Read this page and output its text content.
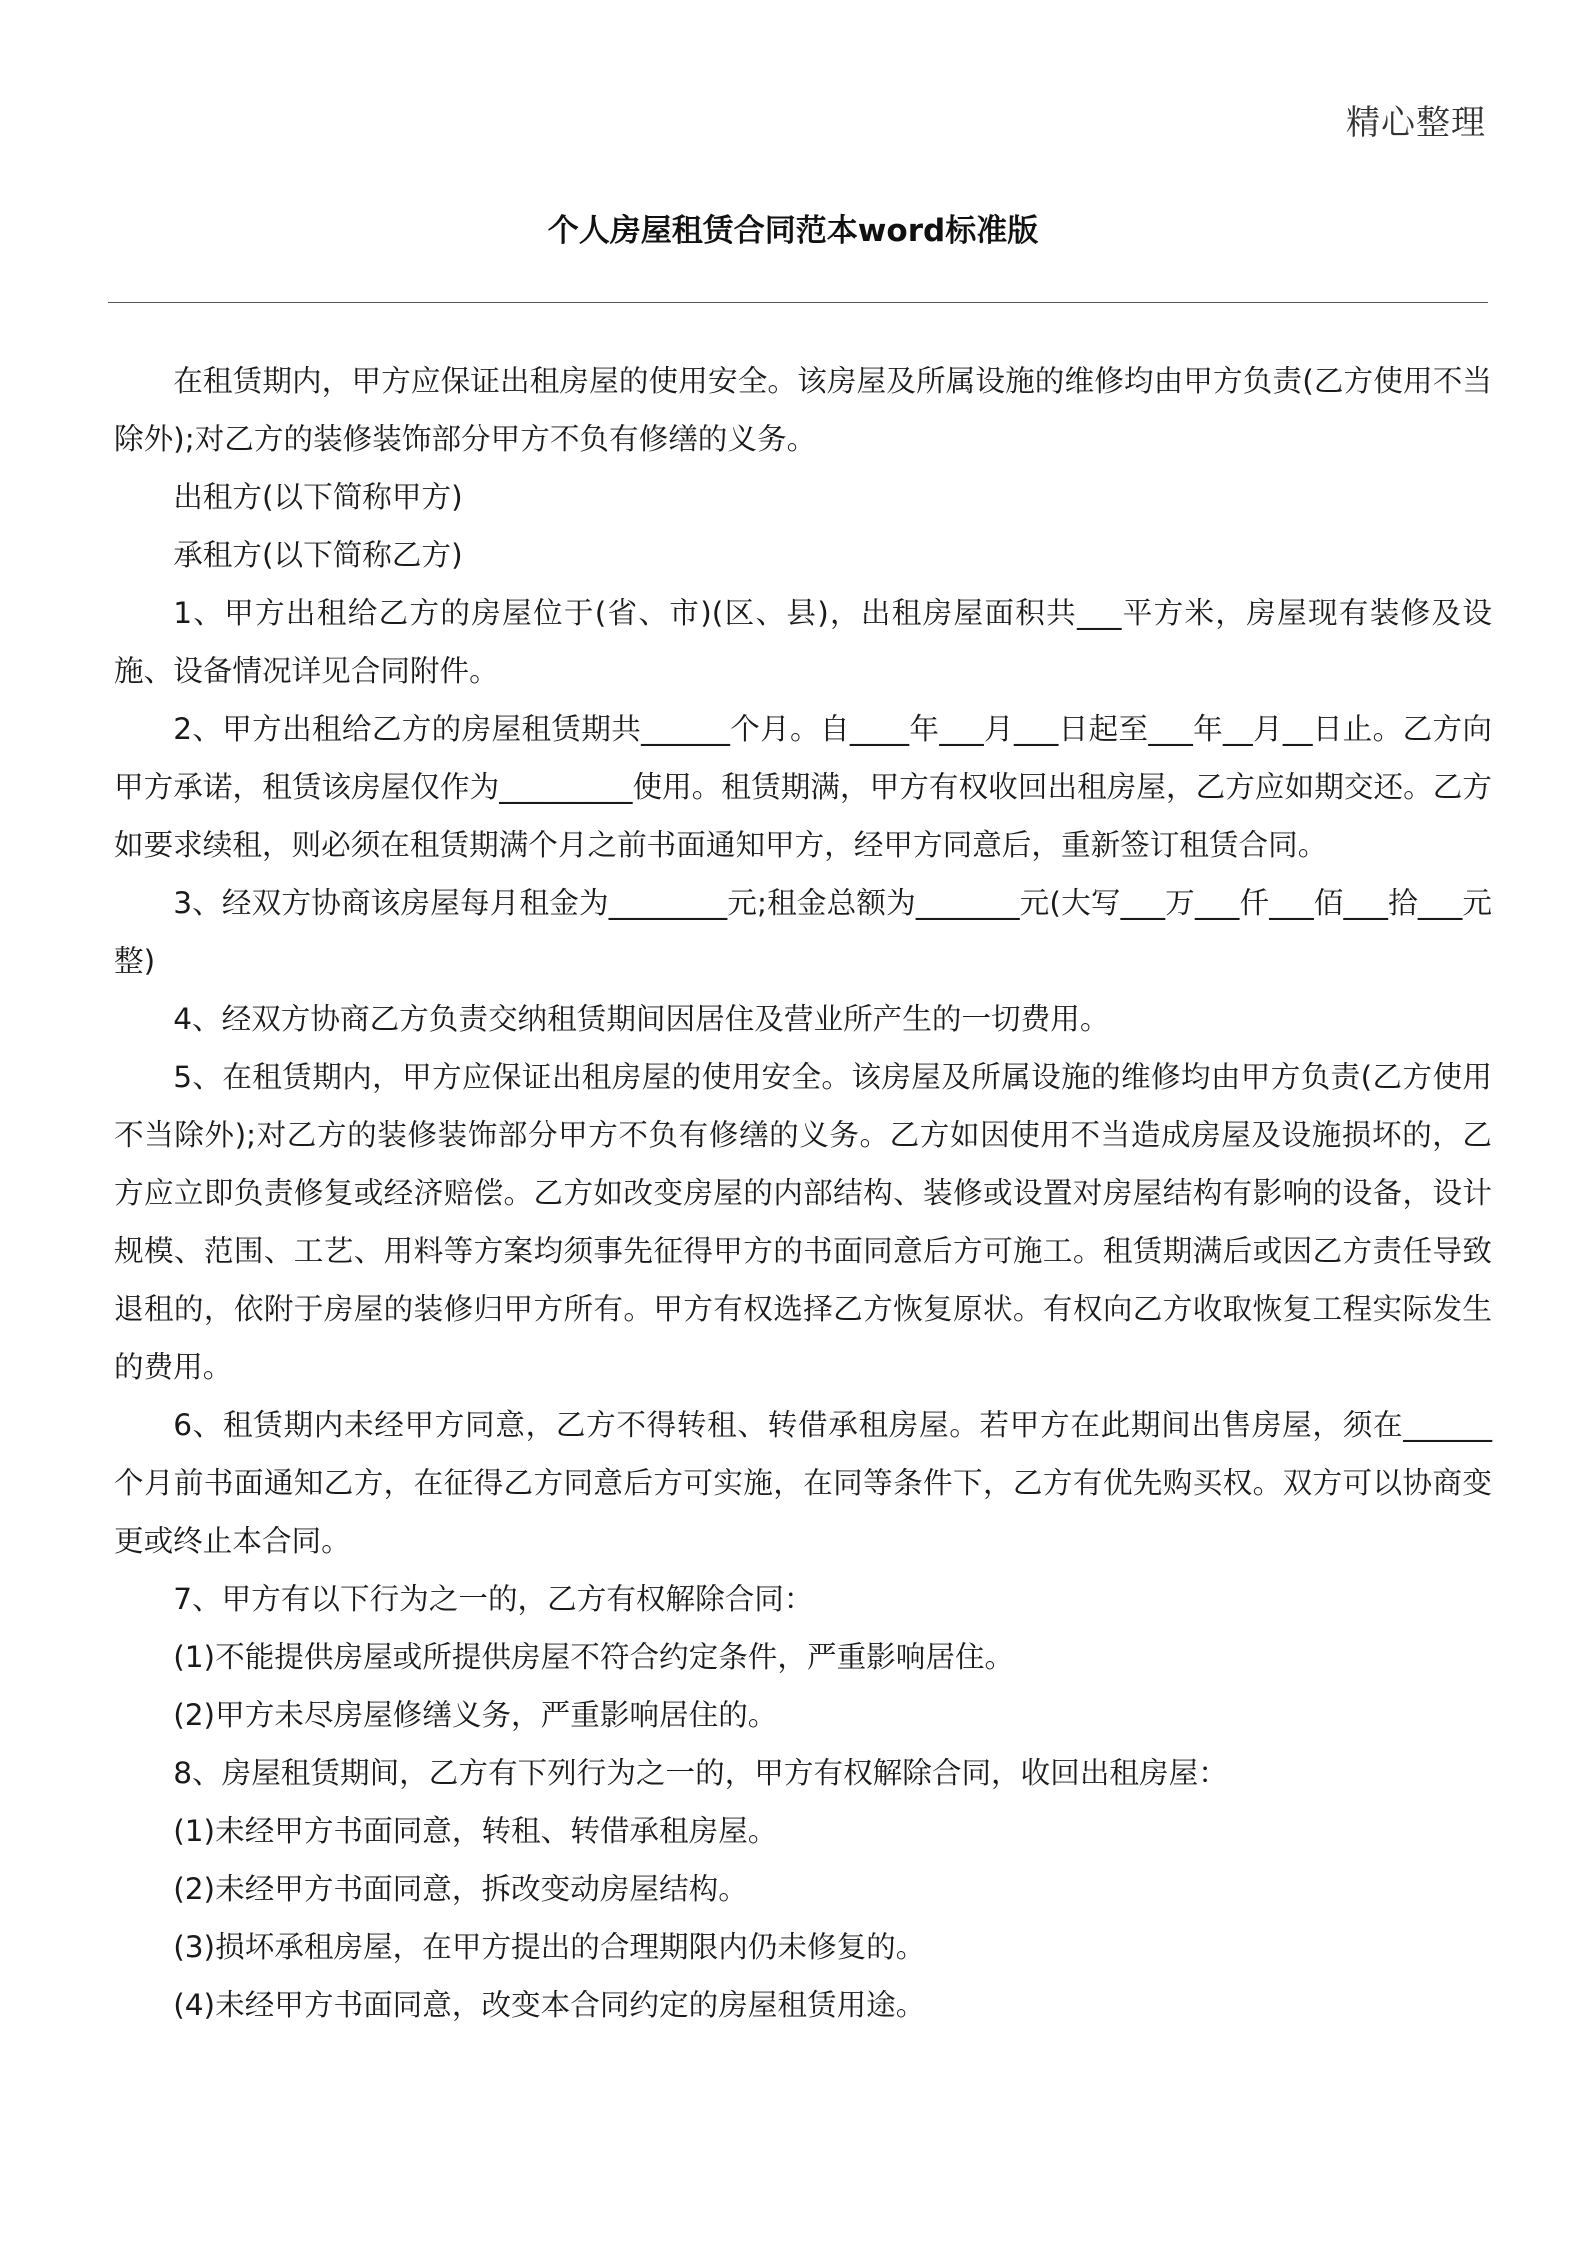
精心整理
个人房屋租赁合同范本word标准版

在租赁期内，甲方应保证出租房屋的使用安全。该房屋及所属设施的维修均由甲方负责(乙方使用不当除外);对乙方的装修装饰部分甲方不负有修缮的义务。

出租方(以下简称甲方)

承租方(以下简称乙方)

1、甲方出租给乙方的房屋位于(省、市)(区、县)，出租房屋面积共___平方米，房屋现有装修及设施、设备情况详见合同附件。

2、甲方出租给乙方的房屋租赁期共______个月。自____年___月___日起至___年__月__日止。乙方向甲方承诺，租赁该房屋仅作为_________使用。租赁期满，甲方有权收回出租房屋，乙方应如期交还。乙方如要求续租，则必须在租赁期满个月之前书面通知甲方，经甲方同意后，重新签订租赁合同。

3、经双方协商该房屋每月租金为________元;租金总额为_______元(大写___万___仟___佰___拾___元整)

4、经双方协商乙方负责交纳租赁期间因居住及营业所产生的一切费用。

5、在租赁期内，甲方应保证出租房屋的使用安全。该房屋及所属设施的维修均由甲方负责(乙方使用不当除外);对乙方的装修装饰部分甲方不负有修缮的义务。乙方如因使用不当造成房屋及设施损坏的，乙方应立即负责修复或经济赔偿。乙方如改变房屋的内部结构、装修或设置对房屋结构有影响的设备，设计规模、范围、工艺、用料等方案均须事先征得甲方的书面同意后方可施工。租赁期满后或因乙方责任导致退租的，依附于房屋的装修归甲方所有。甲方有权选择乙方恢复原状。有权向乙方收取恢复工程实际发生的费用。

6、租赁期内未经甲方同意，乙方不得转租、转借承租房屋。若甲方在此期间出售房屋，须在______个月前书面通知乙方，在征得乙方同意后方可实施，在同等条件下，乙方有优先购买权。双方可以协商变更或终止本合同。

7、甲方有以下行为之一的，乙方有权解除合同：

(1)不能提供房屋或所提供房屋不符合约定条件，严重影响居住。

(2)甲方未尽房屋修缮义务，严重影响居住的。

8、房屋租赁期间，乙方有下列行为之一的，甲方有权解除合同，收回出租房屋：

(1)未经甲方书面同意，转租、转借承租房屋。

(2)未经甲方书面同意，拆改变动房屋结构。

(3)损坏承租房屋，在甲方提出的合理期限内仍未修复的。

(4)未经甲方书面同意，改变本合同约定的房屋租赁用途。
